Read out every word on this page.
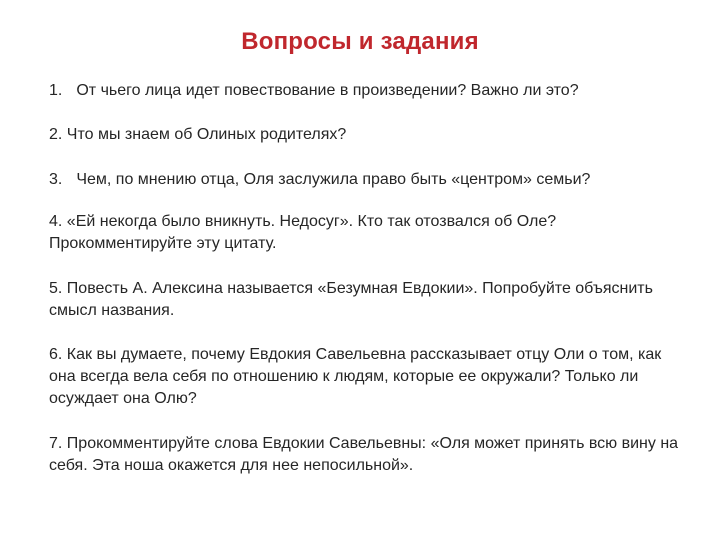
Вопросы и задания
1. От чьего лица идет повествование в произведении? Важно ли это?
2. Что мы знаем об Олиных родителях?
3. Чем, по мнению отца, Оля заслужила право быть «центром» семьи?
4. «Ей некогда было вникнуть. Недосуг». Кто так отозвался об Оле? Прокомментируйте эту цитату.
5. Повесть А. Алексина называется «Безумная Евдокии». Попробуйте объяснить смысл названия.
6. Как вы думаете, почему Евдокия Савельевна рассказывает отцу Оли о том, как она всегда вела себя по отношению к людям, которые ее окружали? Только ли осуждает она Олю?
7. Прокомментируйте слова Евдокии Савельевны: «Оля может принять всю вину на себя. Эта ноша окажется для нее непосильной».
